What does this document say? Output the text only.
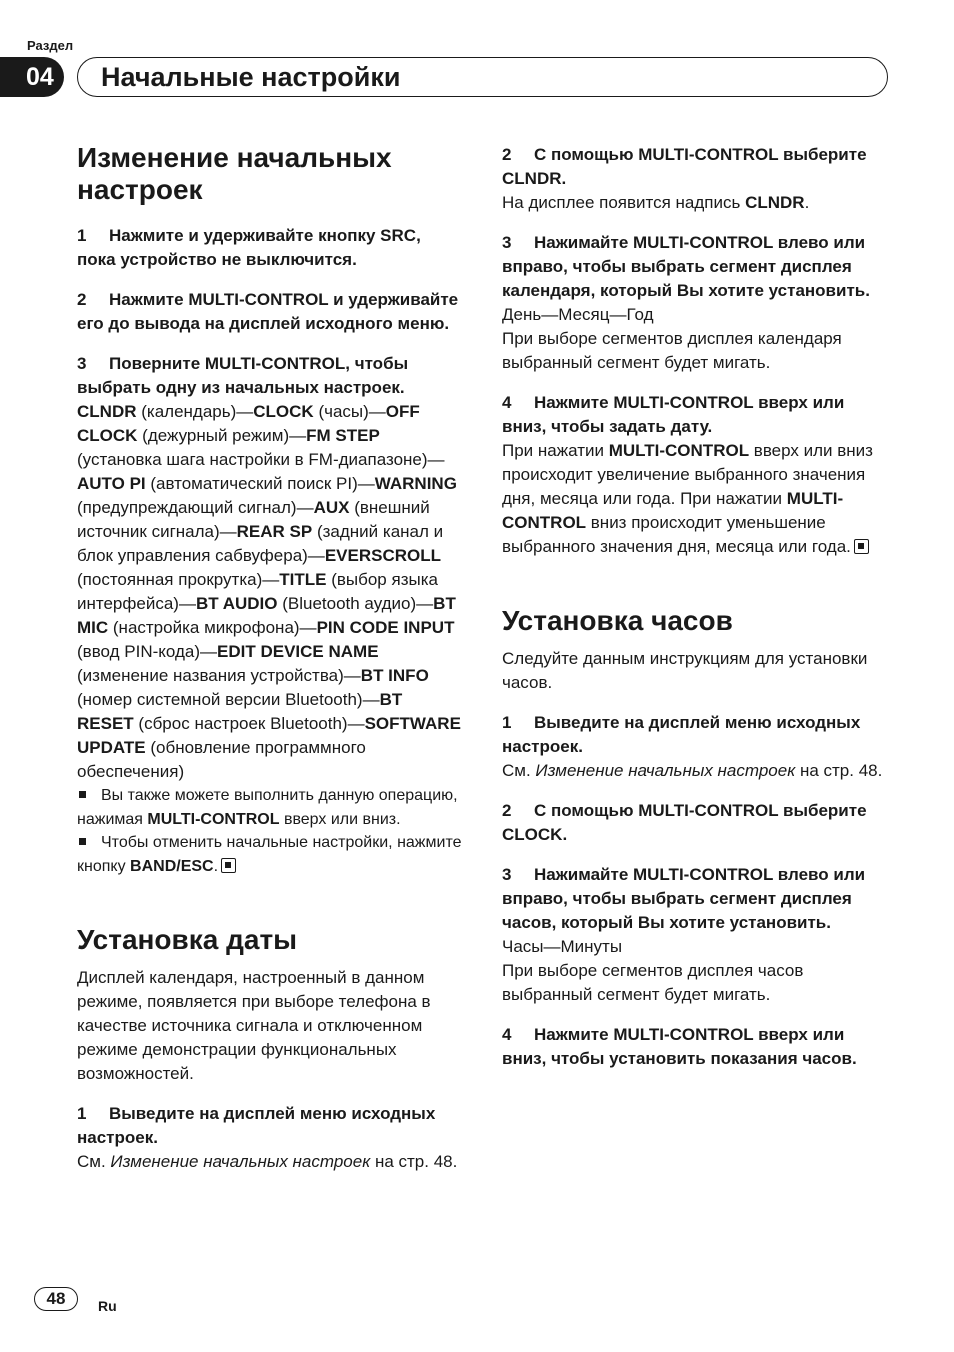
Раздел
04	Начальные настройки
Изменение начальных настроек
1 Нажмите и удерживайте кнопку SRC, пока устройство не выключится.
2 Нажмите MULTI-CONTROL и удерживайте его до вывода на дисплей исходного меню.
3 Поверните MULTI-CONTROL, чтобы выбрать одну из начальных настроек.

CLNDR (календарь)—CLOCK (часы)—OFF CLOCK (дежурный режим)—FM STEP (установка шага настройки в FM-диапазоне)—AUTO PI (автоматический поиск PI)—WARNING (предупреждающий сигнал)—AUX (внешний источник сигнала)—REAR SP (задний канал и блок управления сабвуфера)—EVERSCROLL (постоянная прокрутка)—TITLE (выбор языка интерфейса)—BT AUDIO (Bluetooth аудио)—BT MIC (настройка микрофона)—PIN CODE INPUT (ввод PIN-кода)—EDIT DEVICE NAME (изменение названия устройства)—BT INFO (номер системной версии Bluetooth)—BT RESET (сброс настроек Bluetooth)—SOFTWARE UPDATE (обновление программного обеспечения)

Вы также можете выполнить данную операцию, нажимая MULTI-CONTROL вверх или вниз.
Чтобы отменить начальные настройки, нажмите кнопку BAND/ESC.
Установка даты

Дисплей календаря, настроенный в данном режиме, появляется при выборе телефона в качестве источника сигнала и отключенном режиме демонстрации функциональных возможностей.

1 Выведите на дисплей меню исходных настроек.

См. Изменение начальных настроек на стр. 48.

2 С помощью MULTI-CONTROL выберите CLNDR.

На дисплее появится надпись CLNDR.

3 Нажимайте MULTI-CONTROL влево или вправо, чтобы выбрать сегмент дисплея календаря, который Вы хотите установить.

День—Месяц—Год

При выборе сегментов дисплея календаря выбранный сегмент будет мигать.

4 Нажмите MULTI-CONTROL вверх или вниз, чтобы задать дату.

При нажатии MULTI-CONTROL вверх или вниз происходит увеличение выбранного значения дня, месяца или года. При нажатии MULTI-CONTROL вниз происходит уменьшение выбранного значения дня, месяца или года.

Установка часов

Следуйте данным инструкциям для установки часов.

1 Выведите на дисплей меню исходных настроек.

См. Изменение начальных настроек на стр. 48.

2 С помощью MULTI-CONTROL выберите CLOCK.
3 Нажимайте MULTI-CONTROL влево или вправо, чтобы выбрать сегмент дисплея часов, который Вы хотите установить.

Часы—Минуты

При выборе сегментов дисплея часов выбранный сегмент будет мигать.

4 Нажмите MULTI-CONTROL вверх или вниз, чтобы установить показания часов.
48	Ru
